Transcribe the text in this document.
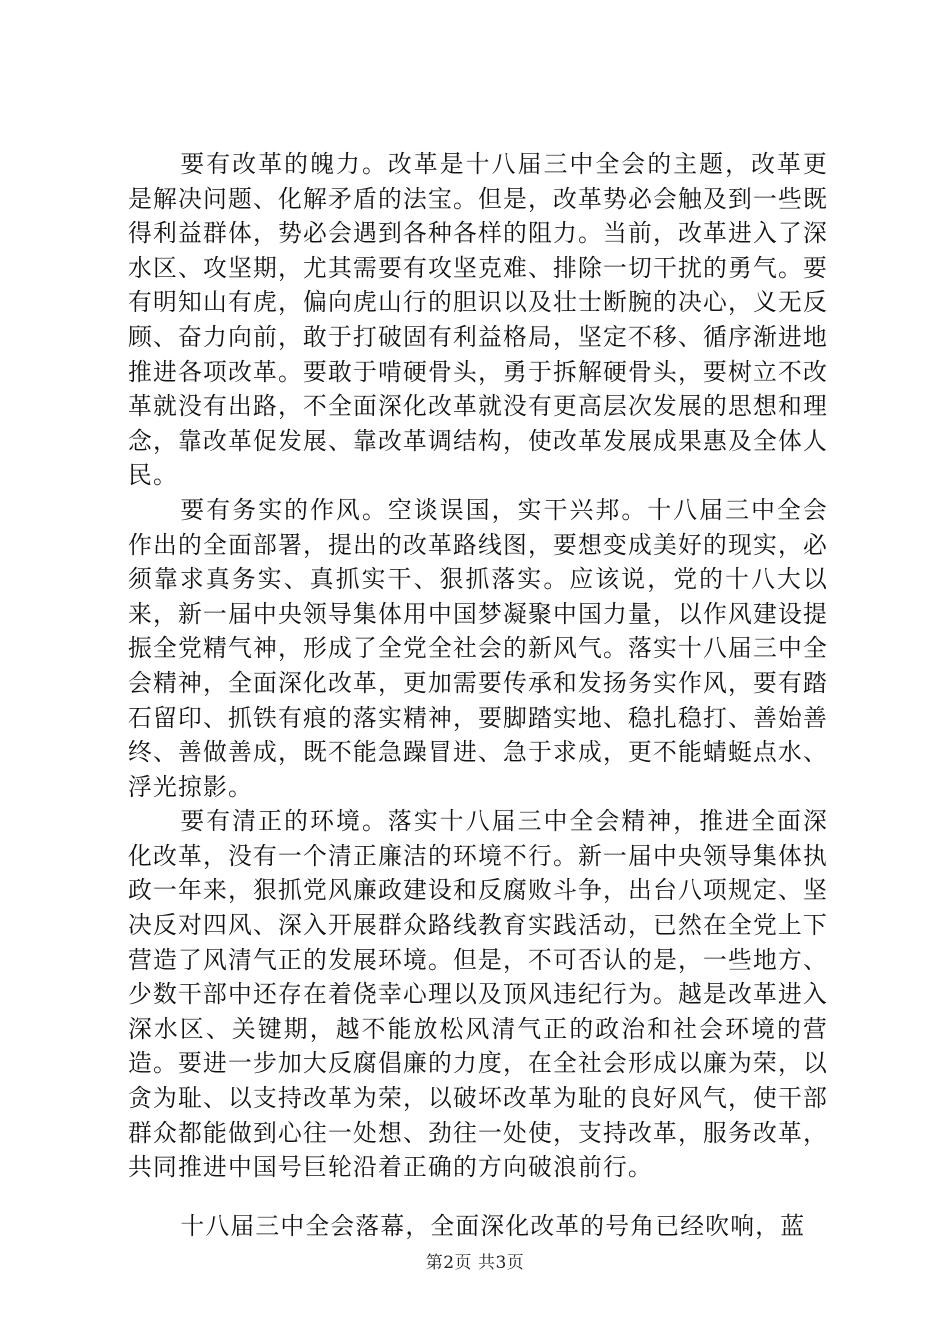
要有改革的魄力。改革是十八届三中全会的主题，改革更是解决问题、化解矛盾的法宝。但是，改革势必会触及到一些既得利益群体，势必会遇到各种各样的阻力。当前，改革进入了深水区、攻坚期，尤其需要有攻坚克难、排除一切干扰的勇气。要有明知山有虎，偏向虎山行的胆识以及壮士断腕的决心，义无反顾、奋力向前，敢于打破固有利益格局，坚定不移、循序渐进地推进各项改革。要敢于啃硬骨头，勇于拆解硬骨头，要树立不改革就没有出路，不全面深化改革就没有更高层次发展的思想和理念，靠改革促发展、靠改革调结构，使改革发展成果惠及全体人民。

要有务实的作风。空谈误国，实干兴邦。十八届三中全会作出的全面部署，提出的改革路线图，要想变成美好的现实，必须靠求真务实、真抓实干、狠抓落实。应该说，党的十八大以来，新一届中央领导集体用中国梦凝聚中国力量，以作风建设提振全党精气神，形成了全党全社会的新风气。落实十八届三中全会精神，全面深化改革，更加需要传承和发扬务实作风，要有踏石留印、抓铁有痕的落实精神，要脚踏实地、稳扎稳打、善始善终、善做善成，既不能急躁冒进、急于求成，更不能蜻蜓点水、浮光掠影。

要有清正的环境。落实十八届三中全会精神，推进全面深化改革，没有一个清正廉洁的环境不行。新一届中央领导集体执政一年来，狠抓党风廉政建设和反腐败斗争，出台八项规定、坚决反对四风、深入开展群众路线教育实践活动，已然在全党上下营造了风清气正的发展环境。但是，不可否认的是，一些地方、少数干部中还存在着侥幸心理以及顶风违纪行为。越是改革进入深水区、关键期，越不能放松风清气正的政治和社会环境的营造。要进一步加大反腐倡廉的力度，在全社会形成以廉为荣，以贪为耻、以支持改革为荣，以破坏改革为耻的良好风气，使干部群众都能做到心往一处想、劲往一处使，支持改革，服务改革，共同推进中国号巨轮沿着正确的方向破浪前行。

十八届三中全会落幕，全面深化改革的号角已经吹响，蓝

第2页 共3页
